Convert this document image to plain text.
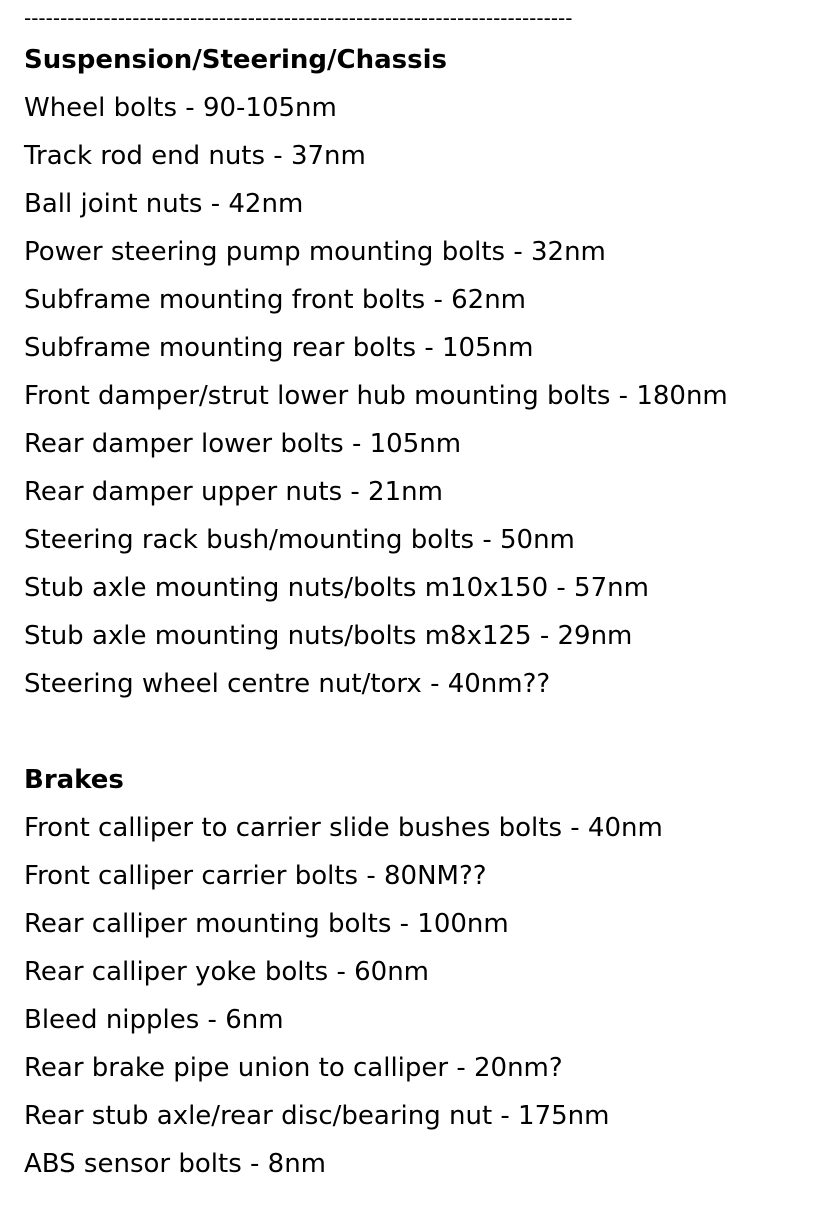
----------------------------------------------------------------------------
Suspension/Steering/Chassis
Wheel bolts - 90-105nm
Track rod end nuts - 37nm
Ball joint nuts - 42nm
Power steering pump mounting bolts - 32nm
Subframe mounting front bolts - 62nm
Subframe mounting rear bolts - 105nm
Front damper/strut lower hub mounting bolts - 180nm
Rear damper lower bolts - 105nm
Rear damper upper nuts - 21nm
Steering rack bush/mounting bolts - 50nm
Stub axle mounting nuts/bolts m10x150 - 57nm
Stub axle mounting nuts/bolts m8x125 - 29nm
Steering wheel centre nut/torx - 40nm??
Brakes
Front calliper to carrier slide bushes bolts - 40nm
Front calliper carrier bolts - 80NM??
Rear calliper mounting bolts - 100nm
Rear calliper yoke bolts - 60nm
Bleed nipples - 6nm
Rear brake pipe union to calliper - 20nm?
Rear stub axle/rear disc/bearing nut - 175nm
ABS sensor bolts - 8nm
